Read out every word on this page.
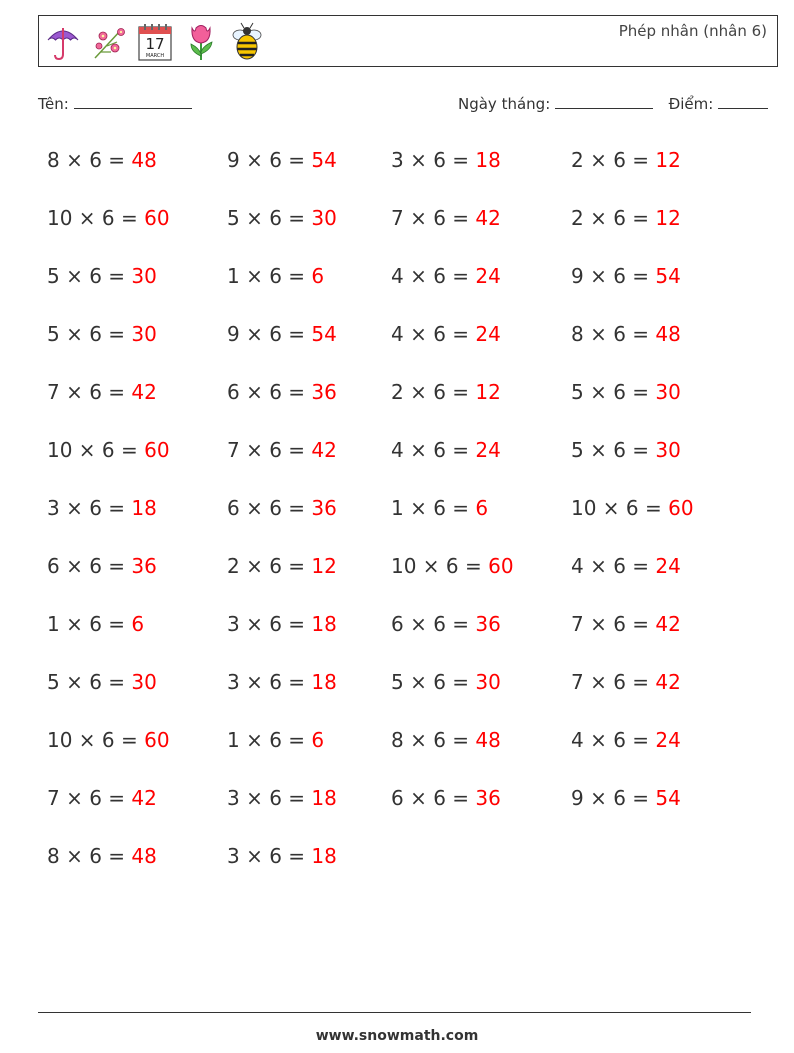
17
MARCH
Phép nhân (nhân 6)
Tên:	Ngày tháng:	Điểm:
8 × 6 = 48	9 × 6 = 54	3 × 6 = 18	2 × 6 = 12
10 × 6 = 60	5 × 6 = 30	7 × 6 = 42	2 × 6 = 12
5 × 6 = 30	1 × 6 = 6	4 × 6 = 24	9 × 6 = 54
5 × 6 = 30	9 × 6 = 54	4 × 6 = 24	8 × 6 = 48
7 × 6 = 42	6 × 6 = 36	2 × 6 = 12	5 × 6 = 30
10 × 6 = 60	7 × 6 = 42	4 × 6 = 24	5 × 6 = 30
3 × 6 = 18	6 × 6 = 36	1 × 6 = 6	10 × 6 = 60
6 × 6 = 36	2 × 6 = 12	10 × 6 = 60	4 × 6 = 24
1 × 6 = 6	3 × 6 = 18	6 × 6 = 36	7 × 6 = 42
5 × 6 = 30	3 × 6 = 18	5 × 6 = 30	7 × 6 = 42
10 × 6 = 60	1 × 6 = 6	8 × 6 = 48	4 × 6 = 24
7 × 6 = 42	3 × 6 = 18	6 × 6 = 36	9 × 6 = 54
8 × 6 = 48	3 × 6 = 18
www.snowmath.com
